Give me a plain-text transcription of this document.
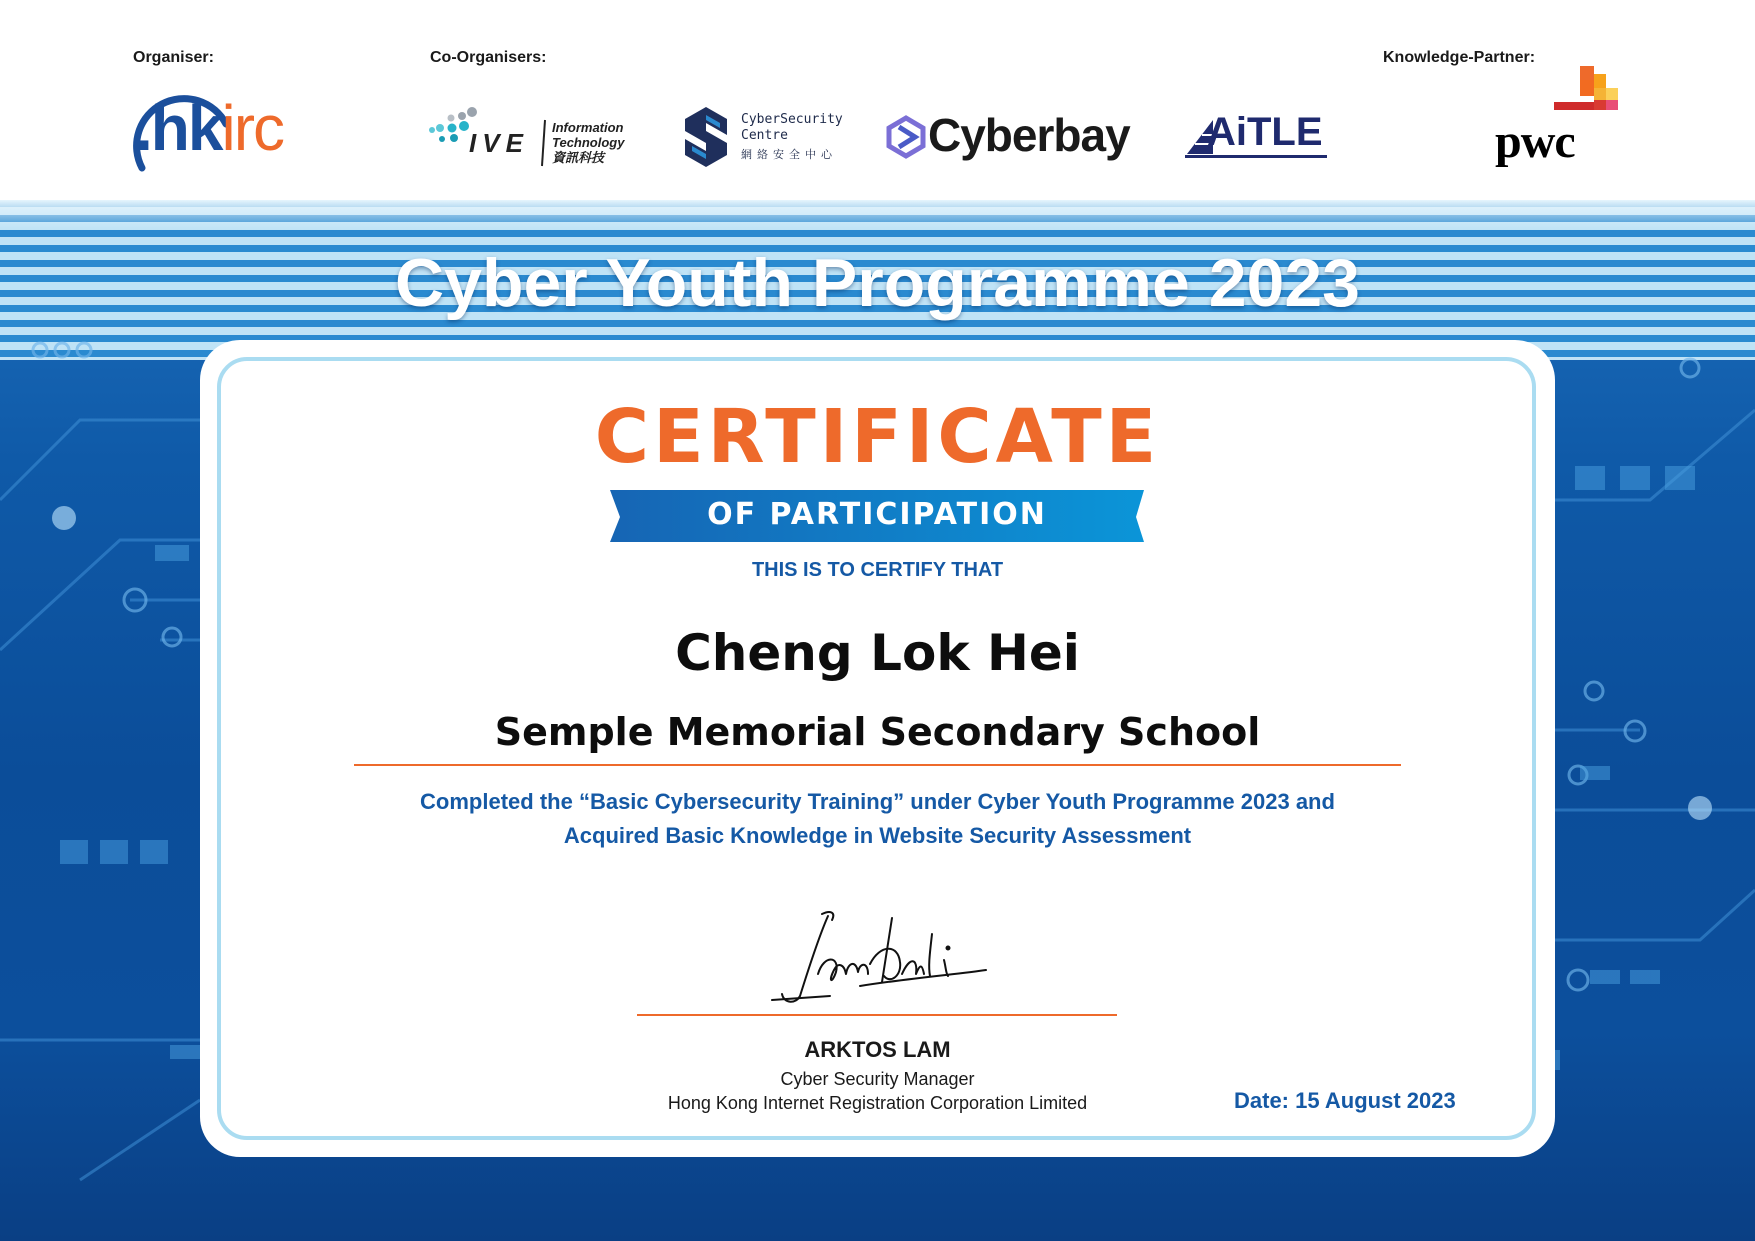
Organiser:	Co-Organisers:	Knowledge-Partner:
.hkirc	IVE
Information
Technology
資訊科技
CyberSecurity
Centre
網絡安全中心 Cyberbay AiTLE	pwc
Cyber Youth Programme 2023
CERTIFICATE
OF PARTICIPATION
THIS IS TO CERTIFY THAT
Cheng Lok Hei
Semple Memorial Secondary School
Completed the “Basic Cybersecurity Training” under Cyber Youth Programme 2023 and
Acquired Basic Knowledge in Website Security Assessment
ARKTOS LAM
Cyber Security Manager
Hong Kong Internet Registration Corporation Limited	Date: 15 August 2023
